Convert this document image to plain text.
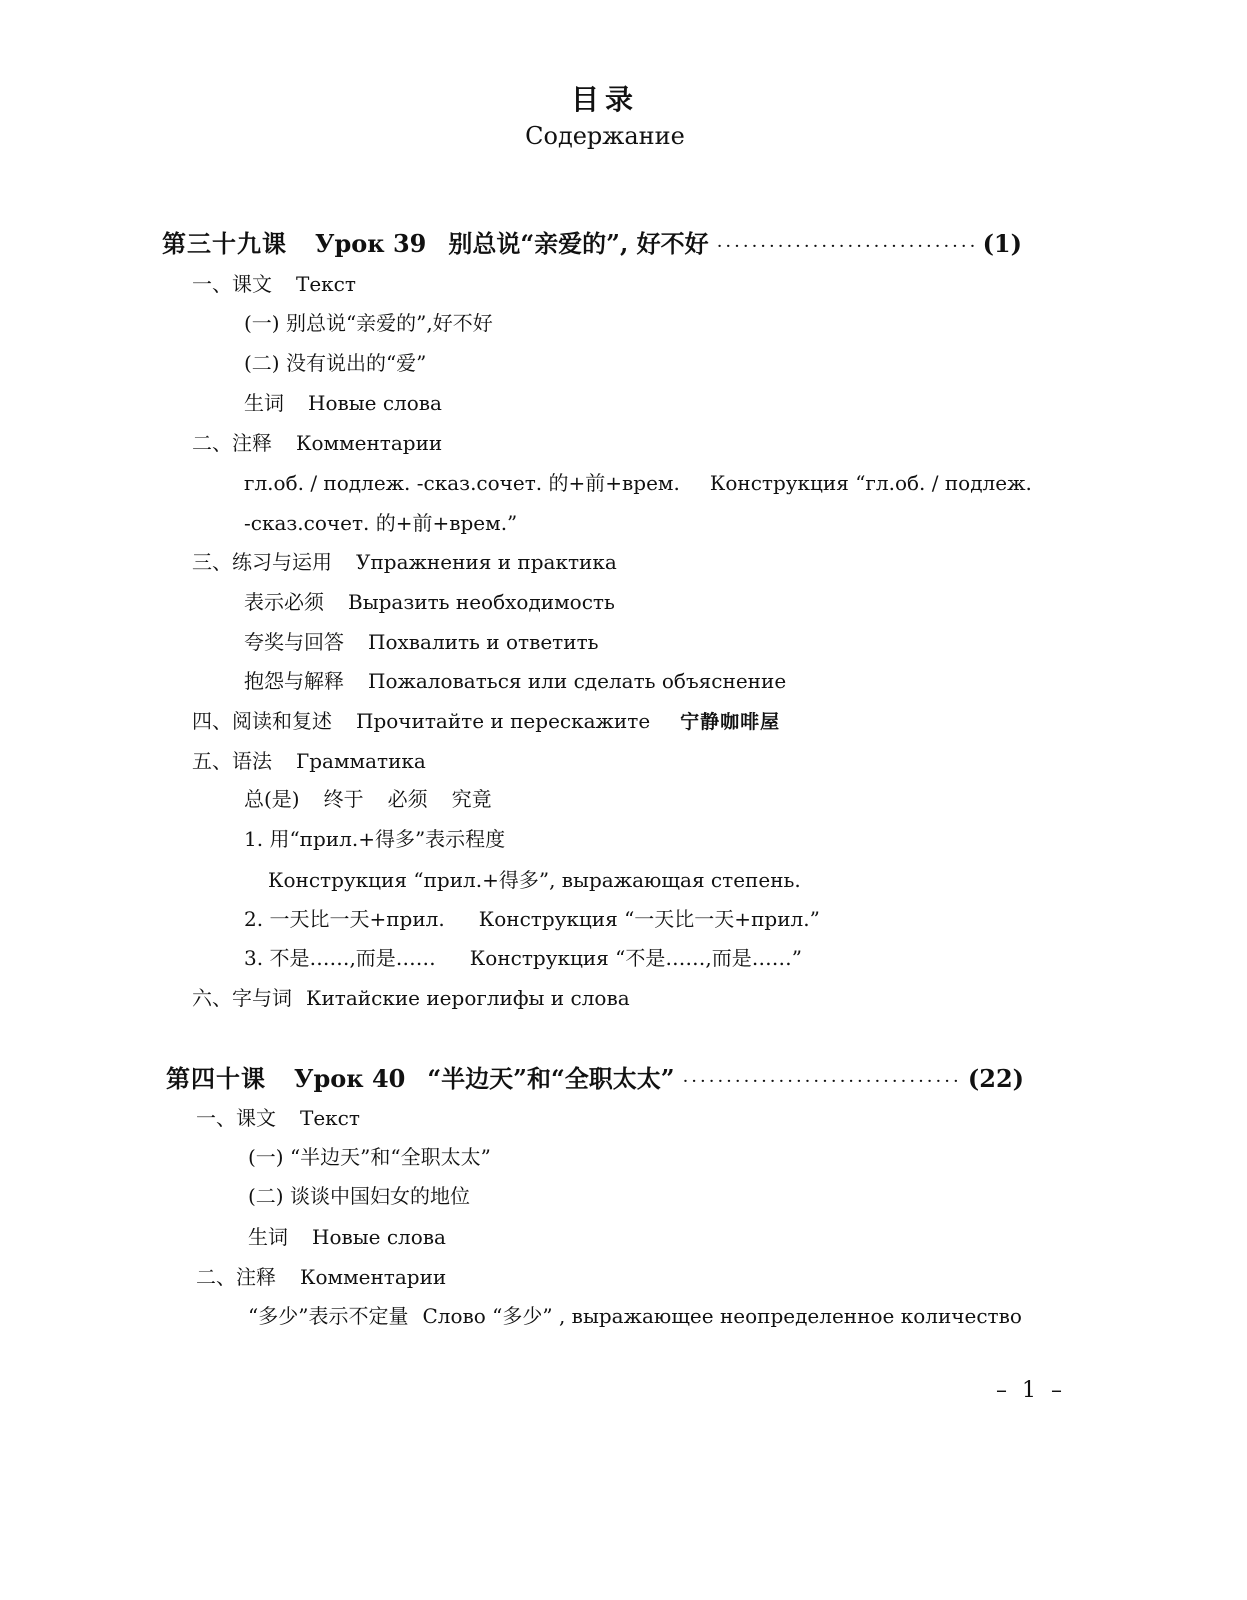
目录
Содержание
第三十九课 Урок 39 别总说“亲爱的”, 好不好 ·····	(1)
一、课文 Текст
(一) 别总说“亲爱的”,好不好
(二) 没有说出的“爱”
生词 Новые слова
二、注释 Комментарии
гл.об. / подлеж. -сказ.сочет. 的+前+врем. Конструкция “гл.об. / подлеж.
-сказ.сочет. 的+前+врем.”
三、练习与运用 Упражнения и практика
表示必须 Выразить необходимость
夸奖与回答 Похвалить и ответить
抱怨与解释 Пожаловаться или сделать объяснение
四、阅读和复述 Прочитайте и перескажите 宁静咖啡屋
五、语法 Грамматика
总(是) 终于 必须 究竟
1. 用“прил.+得多”表示程度
Конструкция “прил.+得多”, выражающая степень.
2. 一天比一天+прил. Конструкция “一天比一天+прил.”
3. 不是……,而是…… Конструкция “不是……,而是……”
六、字与词 Китайские иероглифы и слова
第四十课 Урок 40 “半边天”和“全职太太” ·····	(22)
一、课文 Текст
(一) “半边天”和“全职太太”
(二) 谈谈中国妇女的地位
生词 Новые слова
二、注释 Комментарии
“多少”表示不定量 Слово “多少” , выражающее неопределенное количество
– 1 –
